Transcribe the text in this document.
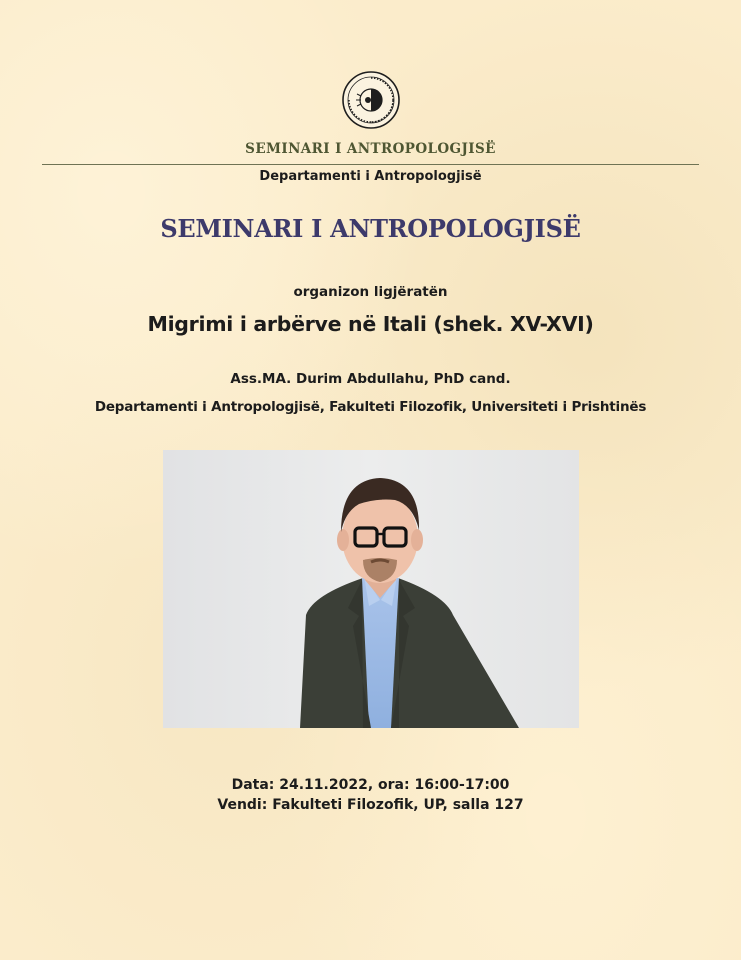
SEMINARI I ANTROPOLOGJISË
Departamenti i Antropologjisë
SEMINARI I ANTROPOLOGJISË
organizon ligjëratën
Migrimi i arbërve në Itali (shek. XV-XVI)
Ass.MA. Durim Abdullahu, PhD cand.
Departamenti i Antropologjisë, Fakulteti Filozofik, Universiteti i Prishtinës
Data: 24.11.2022, ora: 16:00-17:00
Vendi: Fakulteti Filozofik, UP, salla 127
